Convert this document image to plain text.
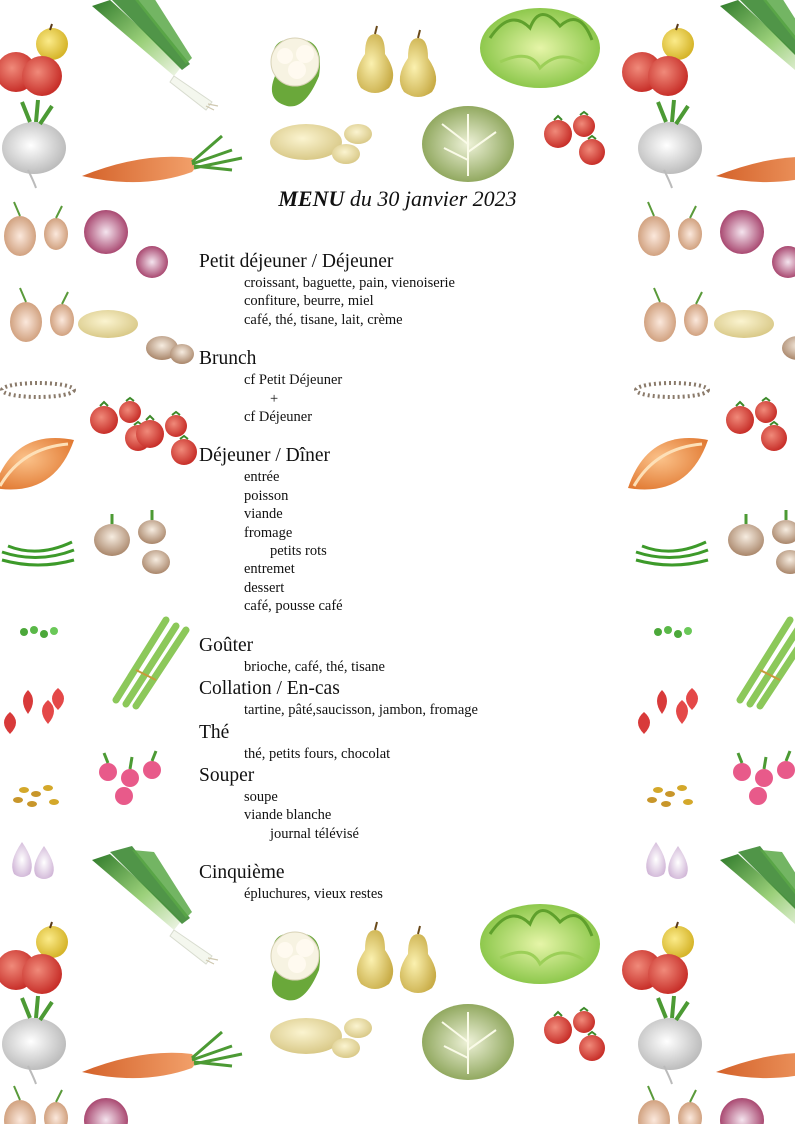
MENU du 30 janvier 2023
Petit déjeuner / Déjeuner
croissant, baguette, pain, vienoiserie
confiture, beurre, miel
café, thé, tisane, lait, crème
Brunch
cf Petit Déjeuner
+
cf Déjeuner
Déjeuner / Dîner
entrée
poisson
viande
fromage
petits rots
entremet
dessert
café, pousse café
Goûter
brioche, café, thé, tisane
Collation / En-cas
tartine, pâté,saucisson, jambon, fromage
Thé
thé, petits fours, chocolat
Souper
soupe
viande blanche
journal télévisé
Cinquième
épluchures, vieux restes
